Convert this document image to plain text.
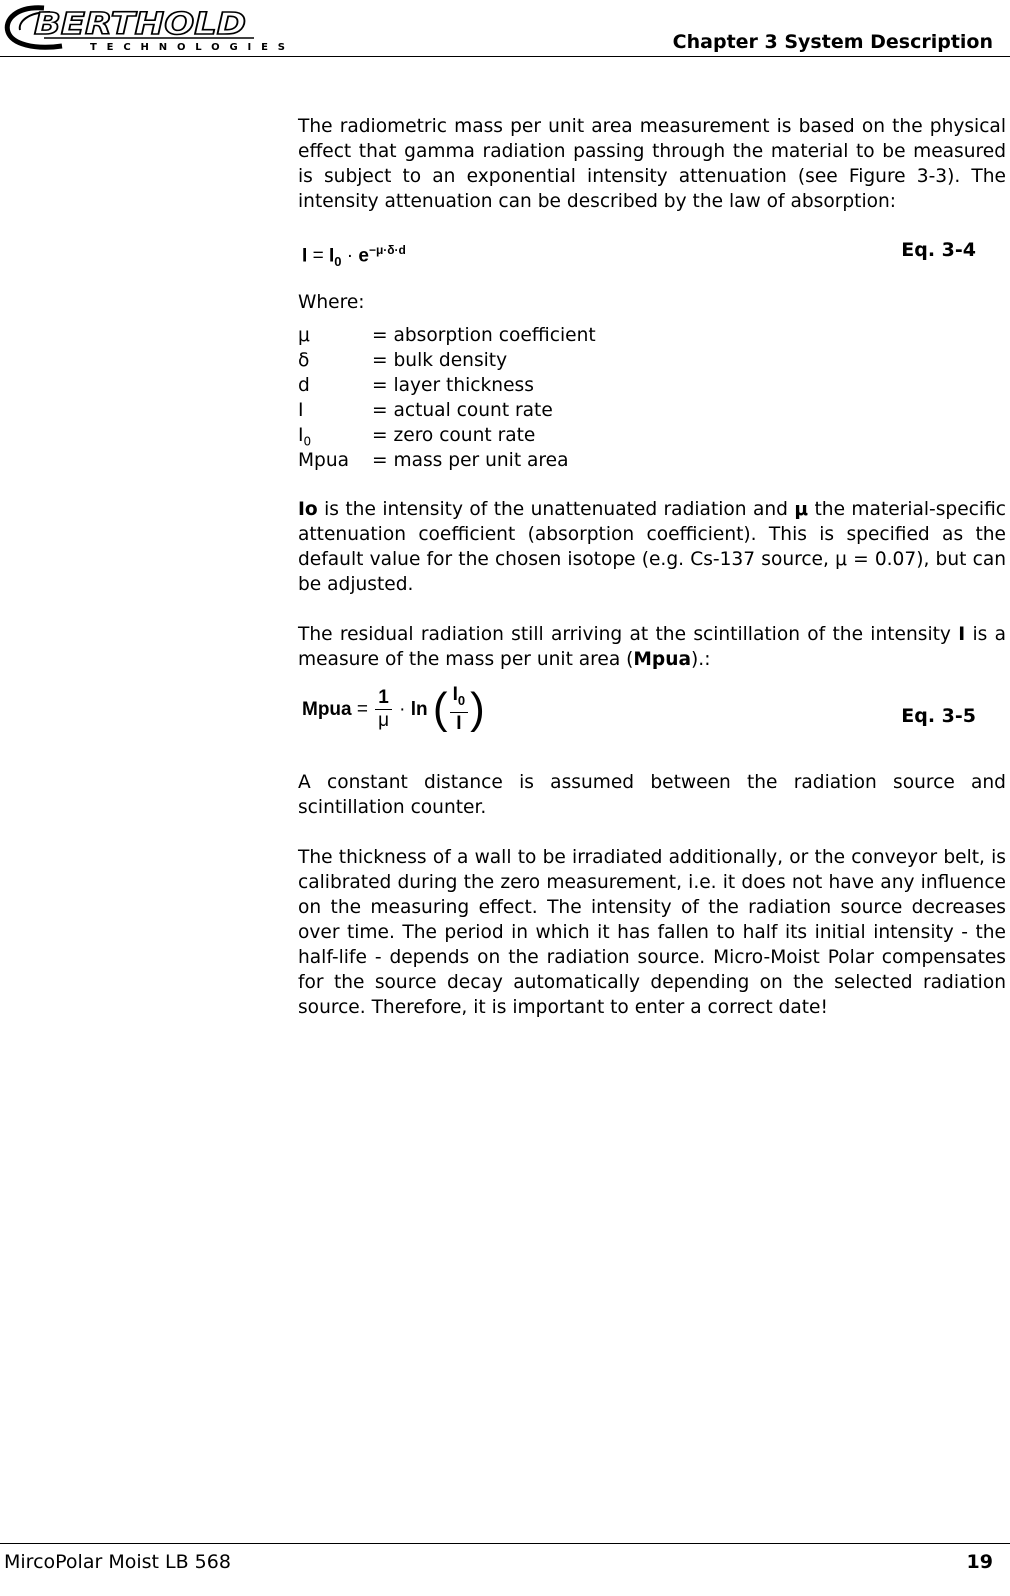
BERTHOLD
TECHNOLOGIES	Chapter 3 System Description

The radiometric mass per unit area measurement is based on the physical effect that gamma radiation passing through the material to be measured is subject to an exponential intensity attenuation (see Figure 3-3). The intensity attenuation can be described by the law of absorption:

$I = I_0 \cdot e^{-\mu\cdot\delta\cdot d}$	Eq. 3-4

Where:

μ	= absorption coefficient
δ	= bulk density
d	= layer thickness
I	= actual count rate
$I_0$	= zero count rate
Mpua	= mass per unit area

Io is the intensity of the unattenuated radiation and μ the material-specific attenuation coefficient (absorption coefficient). This is specified as the default value for the chosen isotope (e.g. Cs-137 source, μ = 0.07), but can be adjusted.

The residual radiation still arriving at the scintillation of the intensity I is a measure of the mass per unit area (Mpua).:

Mpua = $\frac{1}{\mu} \cdot \ln$ ( $\frac{I_0}{I}$ )	Eq. 3-5

A constant distance is assumed between the radiation source and scintillation counter.

The thickness of a wall to be irradiated additionally, or the conveyor belt, is calibrated during the zero measurement, i.e. it does not have any influence on the measuring effect. The intensity of the radiation source decreases over time. The period in which it has fallen to half its initial intensity - the half-life - depends on the radiation source. Micro-Moist Polar compensates for the source decay automatically depending on the selected radiation source. Therefore, it is important to enter a correct date!

MircoPolar Moist LB 568	19
